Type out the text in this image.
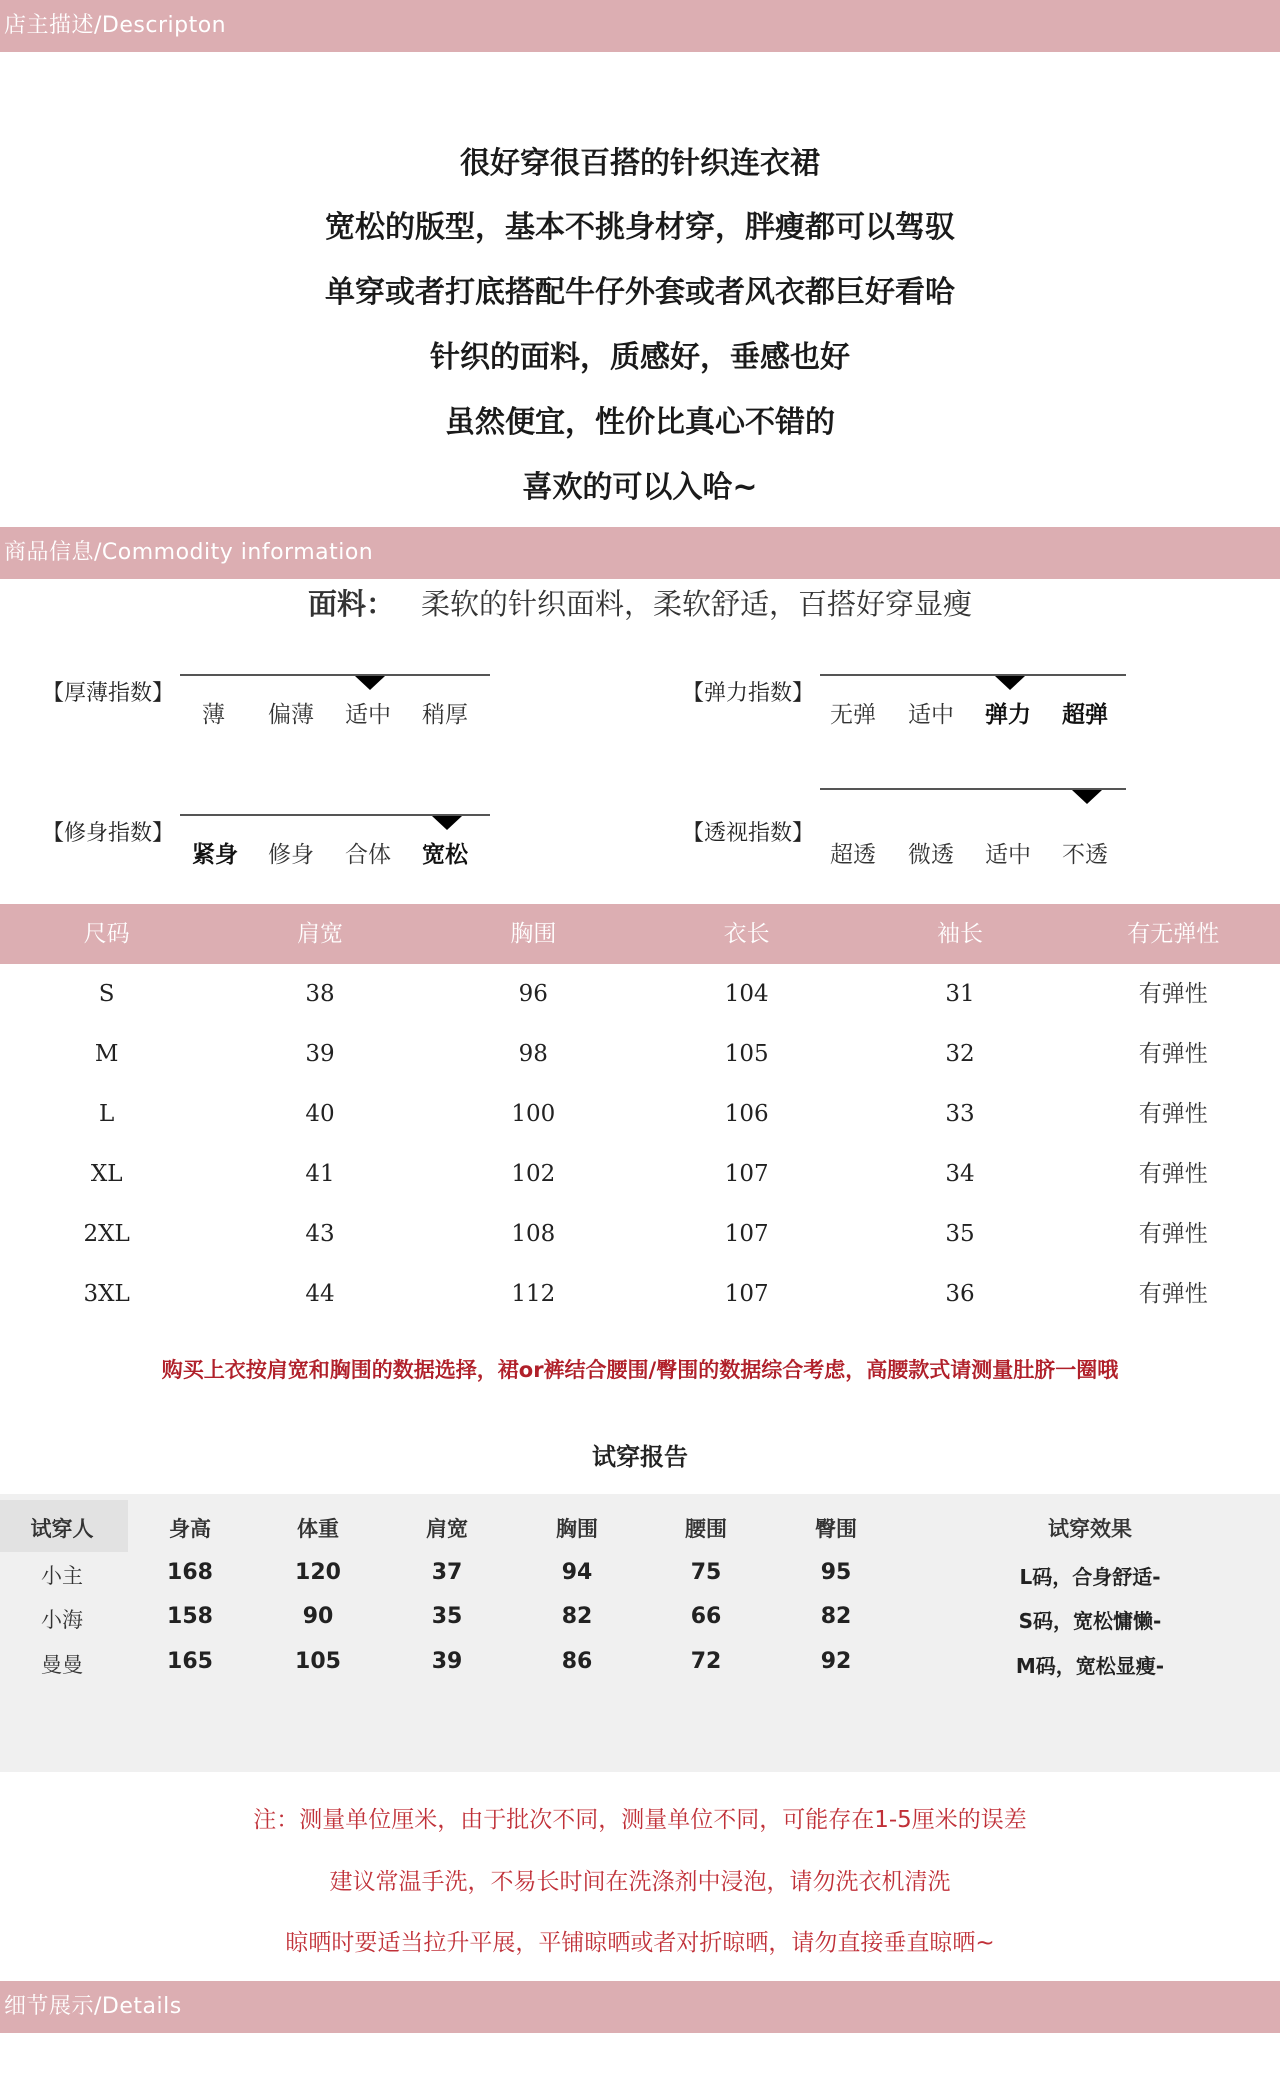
店主描述/Descripton
很好穿很百搭的针织连衣裙
宽松的版型，基本不挑身材穿，胖瘦都可以驾驭
单穿或者打底搭配牛仔外套或者风衣都巨好看哈
针织的面料，质感好，垂感也好
虽然便宜，性价比真心不错的
喜欢的可以入哈~
商品信息/Commodity information
面料： 柔软的针织面料，柔软舒适，百搭好穿显瘦
【厚薄指数】
薄 偏薄 适中 稍厚
【弹力指数】
无弹 适中 弹力 超弹
【修身指数】
紧身 修身 合体 宽松
【透视指数】
超透 微透 适中 不透
尺码	肩宽	胸围	衣长	袖长	有无弹性
S	38	96	104	31	有弹性
M	39	98	105	32	有弹性
L	40	100	106	33	有弹性
XL	41	102	107	34	有弹性
2XL	43	108	107	35	有弹性
3XL	44	112	107	36	有弹性
购买上衣按肩宽和胸围的数据选择，裙or裤结合腰围/臀围的数据综合考虑，高腰款式请测量肚脐一圈哦
试穿报告
试穿人	身高	体重	肩宽	胸围	腰围	臀围	试穿效果
小主	168	120	37	94	75	95	L码，合身舒适-
小海	158	90	35	82	66	82	S码，宽松慵懒-
曼曼	165	105	39	86	72	92	M码，宽松显瘦-
注：测量单位厘米，由于批次不同，测量单位不同，可能存在1-5厘米的误差
建议常温手洗，不易长时间在洗涤剂中浸泡，请勿洗衣机清洗
晾晒时要适当拉升平展，平铺晾晒或者对折晾晒，请勿直接垂直晾晒~
细节展示/Details
